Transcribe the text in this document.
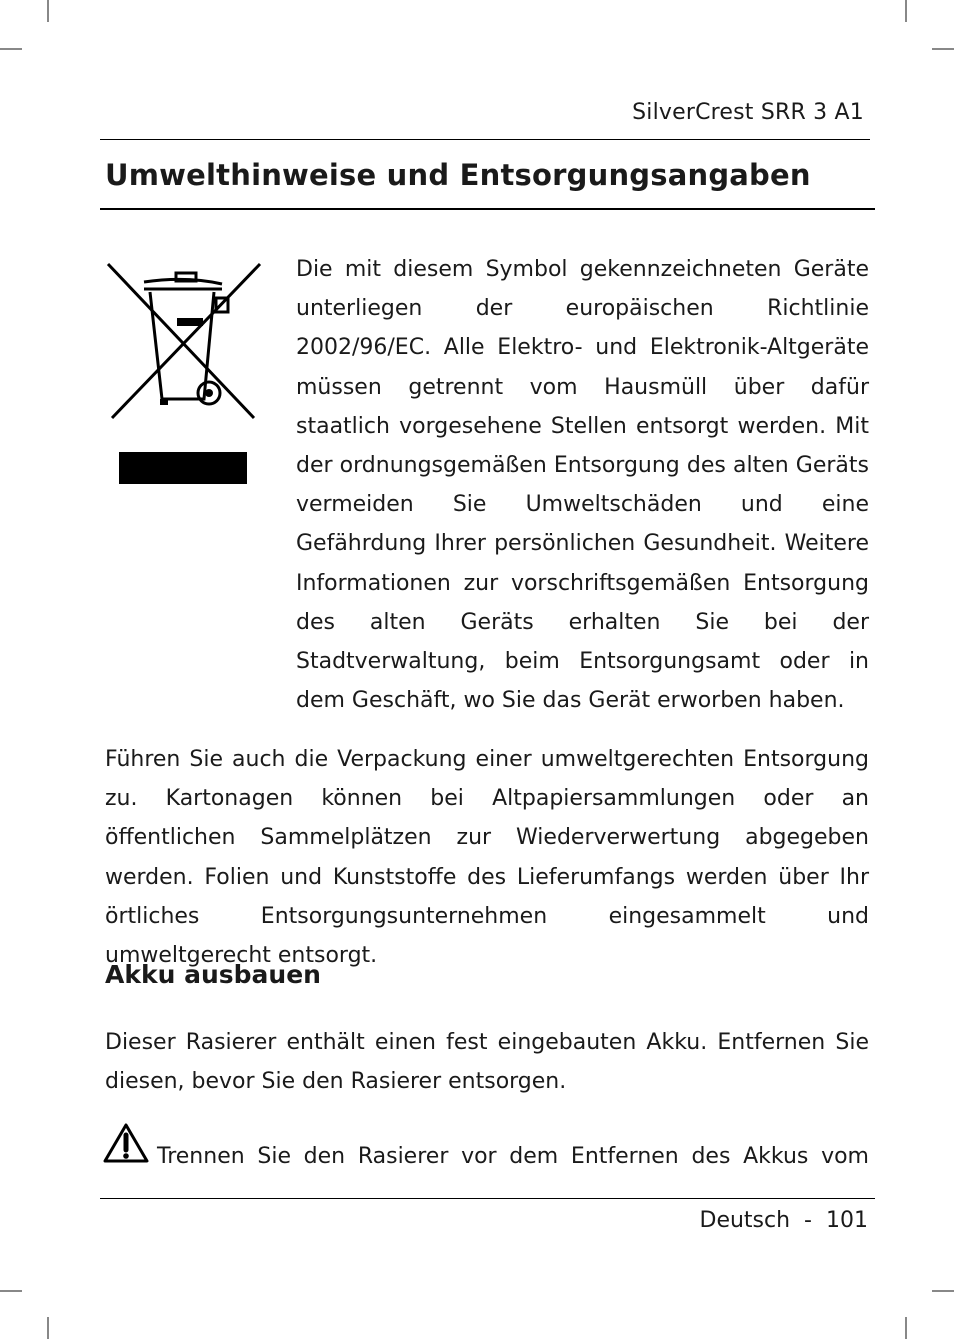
SilverCrest SRR 3 A1
Umwelthinweise und Entsorgungsangaben

Die mit diesem Symbol gekennzeichneten Geräte unterliegen der europäischen Richtlinie 2002/96/EC. Alle Elektro- und Elektronik-Altgeräte müssen getrennt vom Hausmüll über dafür staatlich vorgesehene Stellen entsorgt werden. Mit der ordnungsgemäßen Entsorgung des alten Geräts vermeiden Sie Umweltschäden und eine Gefährdung Ihrer persönlichen Gesundheit. Weitere Informationen zur vorschriftsgemäßen Entsorgung des alten Geräts erhalten Sie bei der Stadtverwaltung, beim Entsorgungsamt oder in dem Geschäft, wo Sie das Gerät erworben haben.

Führen Sie auch die Verpackung einer umweltgerechten Entsorgung zu. Kartonagen können bei Altpapiersammlungen oder an öffentlichen Sammelplätzen zur Wiederverwertung abgegeben werden. Folien und Kunststoffe des Lieferumfangs werden über Ihr örtliches Entsorgungsunternehmen eingesammelt und umweltgerecht entsorgt.

Akku ausbauen

Dieser Rasierer enthält einen fest eingebauten Akku. Entfernen Sie diesen, bevor Sie den Rasierer entsorgen.

Trennen Sie den Rasierer vor dem Entfernen des Akkus vom

Deutsch - 101
